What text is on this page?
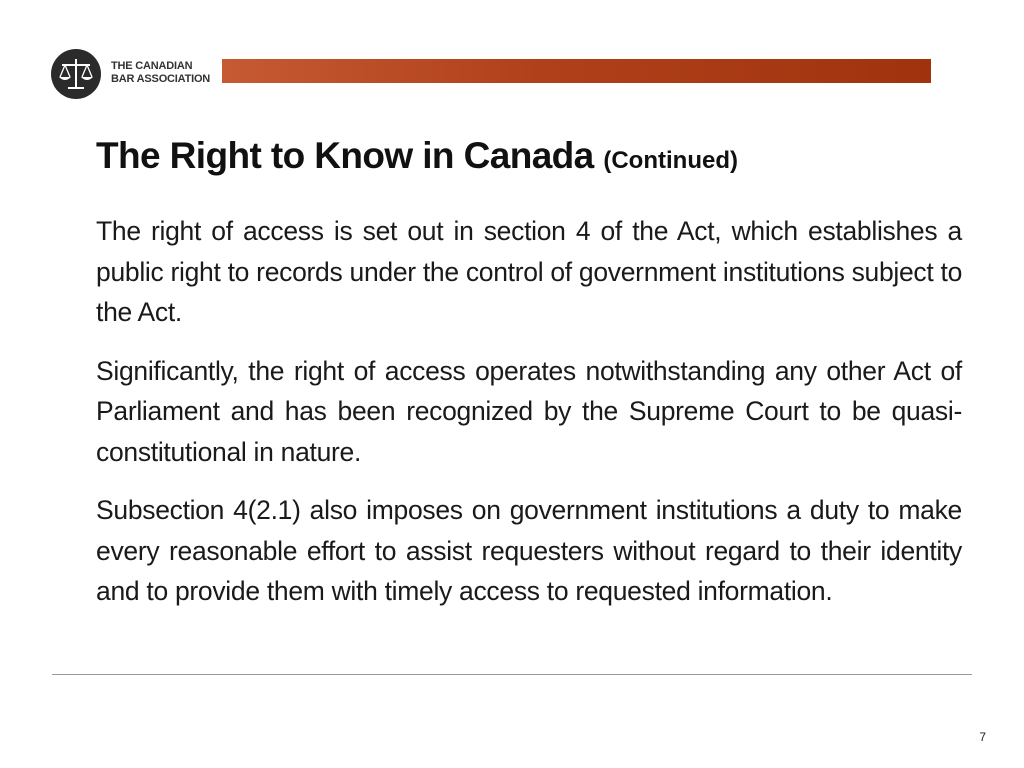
THE CANADIAN
BAR ASSOCIATION
The Right to Know in Canada (Continued)

The right of access is set out in section 4 of the Act, which establishes a public right to records under the control of government institutions subject to the Act.

Significantly, the right of access operates notwithstanding any other Act of Parliament and has been recognized by the Supreme Court to be quasi-constitutional in nature.

Subsection 4(2.1) also imposes on government institutions a duty to make every reasonable effort to assist requesters without regard to their identity and to provide them with timely access to requested information.

7
